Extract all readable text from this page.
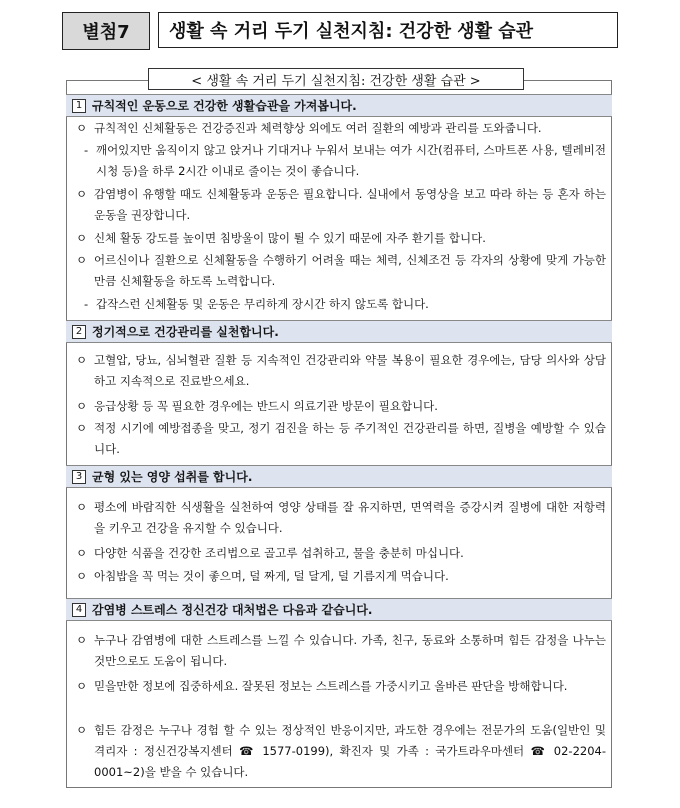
별첨7	생활 속 거리 두기 실천지침: 건강한 생활 습관
< 생활 속 거리 두기 실천지침: 건강한 생활 습관 >
1 규칙적인 운동으로 건강한 생활습관을 가져봅니다.
ㅇ 규칙적인 신체활동은 건강증진과 체력향상 외에도 여러 질환의 예방과 관리를 도와줍니다.
- 깨어있지만 움직이지 않고 앉거나 기대거나 누워서 보내는 여가 시간(컴퓨터, 스마트폰 사용, 텔레비전 시청 등)을 하루 2시간 이내로 줄이는 것이 좋습니다.
ㅇ 감염병이 유행할 때도 신체활동과 운동은 필요합니다. 실내에서 동영상을 보고 따라 하는 등 혼자 하는 운동을 권장합니다.
ㅇ 신체 활동 강도를 높이면 침방울이 많이 튈 수 있기 때문에 자주 환기를 합니다.
ㅇ 어르신이나 질환으로 신체활동을 수행하기 어려울 때는 체력, 신체조건 등 각자의 상황에 맞게 가능한 만큼 신체활동을 하도록 노력합니다.
- 갑작스런 신체활동 및 운동은 무리하게 장시간 하지 않도록 합니다.
2 정기적으로 건강관리를 실천합니다.
ㅇ 고혈압, 당뇨, 심뇌혈관 질환 등 지속적인 건강관리와 약물 복용이 필요한 경우에는, 담당 의사와 상담하고 지속적으로 진료받으세요.
ㅇ 응급상황 등 꼭 필요한 경우에는 반드시 의료기관 방문이 필요합니다.
ㅇ 적정 시기에 예방접종을 맞고, 정기 검진을 하는 등 주기적인 건강관리를 하면, 질병을 예방할 수 있습니다.
3 균형 있는 영양 섭취를 합니다.
ㅇ 평소에 바람직한 식생활을 실천하여 영양 상태를 잘 유지하면, 면역력을 증강시켜 질병에 대한 저항력을 키우고 건강을 유지할 수 있습니다.
ㅇ 다양한 식품을 건강한 조리법으로 골고루 섭취하고, 물을 충분히 마십니다.
ㅇ 아침밥을 꼭 먹는 것이 좋으며, 덜 짜게, 덜 달게, 덜 기름지게 먹습니다.
4 감염병 스트레스 정신건강 대처법은 다음과 같습니다.
ㅇ 누구나 감염병에 대한 스트레스를 느낄 수 있습니다. 가족, 친구, 동료와 소통하며 힘든 감정을 나누는 것만으로도 도움이 됩니다.
ㅇ 믿을만한 정보에 집중하세요. 잘못된 정보는 스트레스를 가중시키고 올바른 판단을 방해합니다.
ㅇ 힘든 감정은 누구나 경험 할 수 있는 정상적인 반응이지만, 과도한 경우에는 전문가의 도움(일반인 및 격리자 : 정신건강복지센터 ☎ 1577-0199), 확진자 및 가족 : 국가트라우마센터 ☎ 02-2204-0001~2)을 받을 수 있습니다.
